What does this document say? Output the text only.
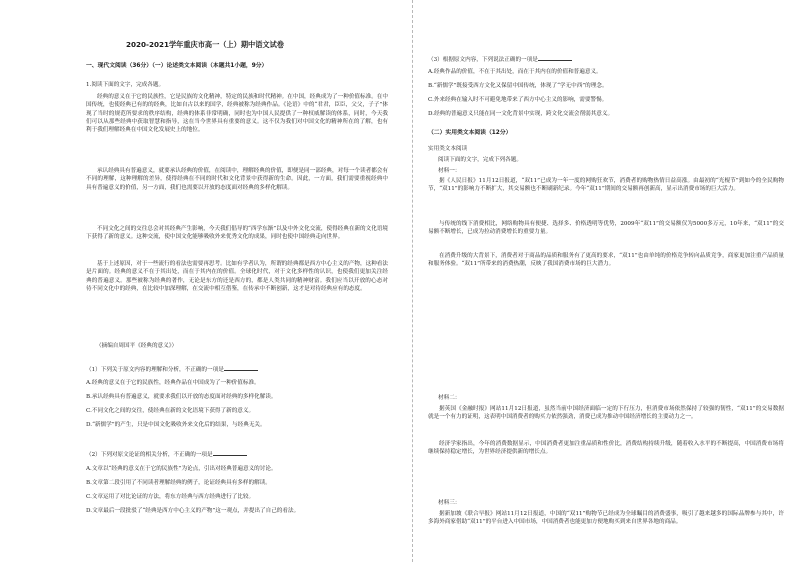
2020-2021学年重庆市高一（上）期中语文试卷
一、现代文阅读（36分）（一）论述类文本阅读（本题共1小题，9分）
1.阅读下面的文字，完成各题。

经典的意义在于它的民族性，它是民族的文化精神，特定的民族和时代精神。在中国，经典成为了一种价值标准。在中国传统，也使经典已有的的经典，比如自古以来的国学，经典被称为经典作品。《论语》中的“君君，臣臣，父父，子子”体现了当时的规范所要求的秩序结构，经典的体系非常明确，同时也为中国人民提供了一种权威解读的体系，同时，今天我们可以从那些经典中获取智慧和指导，这在当今世界具有重要的意义。这不仅为我们对中国文化的精神所在的了解，也有利于我们理解经典在中国文化发展史上的地位。

承认经典具有普遍意义，就要承认经典的价值，在阅读中，理解经典的价值，即便是同一部经典，对每一个读者都会有不同的理解，这种理解的差异，使得经典在不同的时代和文化背景中获得新的生命。因此，一方面，我们需要重视经典中具有普遍意义的价值，另一方面，我们也需要以开放的态度面对经典的多样化解读。

不同文化之间的交往总会对其经典产生影响，今天我们倡导的“西学东渐”以及中外文化交流，使得经典在新的文化语境下获得了新的意义。这种交流，使中国文化能够吸收外来优秀文化的成果，同时也使中国经典走向世界。

基于上述原因，对于一些流行的看法也需要再思考。比如有学者认为，所谓的经典都是西方中心主义的产物，这种看法是片面的。经典的意义不在于其出处，而在于其内在的价值。全球化时代，对于文化多样性的认识，也使我们更加关注经典的普遍意义。那些被称为经典的著作，无论是东方的还是西方的，都是人类共同的精神财富。我们应当以开放的心态对待不同文化中的经典，在比较中加深理解，在交流中相互借鉴，在传承中不断创新，这才是对待经典应有的态度。

（摘编自周国平《经典的意义》）
（1）下列关于原文内容的理解和分析，不正确的一项是
A.经典的意义在于它的民族性，经典作品在中国成为了一种价值标准。
B.承认经典具有普遍意义，就要求我们以开放的态度面对经典的多样化解读。
C.不同文化之间的交往，使经典在新的文化语境下获得了新的意义。
D.“新儒学”的产生，只是中国文化吸收外来文化后的结果，与经典无关。
（2）下列对原文论证的相关分析，不正确的一项是
A.文章以“经典的意义在于它的民族性”为论点，引出对经典普遍意义的讨论。
B.文章第二段引用了不同读者理解经典的例子，论证经典具有多样的解读。
C.文章运用了对比论证的方法，将东方经典与西方经典进行了比较。
D.文章最后一段批驳了“经典是西方中心主义的产物”这一观点，并提出了自己的看法。
（3）根据原文内容，下列说法正确的一项是
A.经典作品的价值，不在于其出处，而在于其内在的价值和普遍意义。
B.“新儒学”既接受西方文化又保留中国传统，体现了“学无中西”的理念。
C.外来经典在输入时不可避免地带来了西方中心主义的影响，需要警惕。
D.经典的普遍意义只能在同一文化背景中实现，跨文化交流会削弱其意义。
（二）实用类文本阅读（12分）
实用类文本阅读
阅读下面的文字，完成下列各题。
材料一：

据《人民日报》11月12日报道，“双11”已成为一年一度的网购狂欢节，消费者的购物热情日益高涨。由最初的“光棍节”到如今的全民购物节，“双11”的影响力不断扩大，其交易额也不断刷新纪录。今年“双11”期间的交易额再创新高，显示出消费市场的巨大活力。

与传统的线下消费相比，网络购物具有便捷、选择多、价格透明等优势，2009年“双11”的交易额仅为5000多万元，10年来，“双11”的交易额不断增长，已成为拉动消费增长的重要力量。

在消费升级的大背景下，消费者对于商品的品质和服务有了更高的要求，“双11”也由单纯的价格竞争转向品质竞争，商家更加注重产品质量和服务体验。“双11”所带来的消费热潮，反映了我国消费市场的巨大潜力。

材料二：

据英国《金融时报》网站11月12日报道，虽然当前中国经济面临一定的下行压力，但消费市场依然保持了较强的韧性，“双11”的交易数据就是一个有力的证明，这表明中国消费者的购买力依然强劲，消费已成为推动中国经济增长的主要动力之一。

经济学家指出，今年的消费数据显示，中国消费者更加注重品质和性价比，消费结构持续升级，随着收入水平的不断提高，中国消费市场将继续保持稳定增长，为世界经济提供新的增长点。

材料三：

据新加坡《联合早报》网站11月12日报道，中国的“双11”购物节已经成为全球瞩目的消费盛事，吸引了越来越多的国际品牌参与其中，许多海外商家借助“双11”的平台进入中国市场，中国消费者也能更加方便地购买到来自世界各地的商品。
